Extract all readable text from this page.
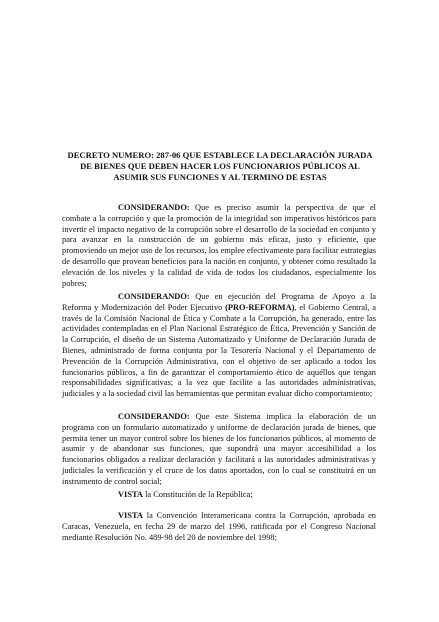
DECRETO NUMERO: 287-06 QUE ESTABLECE LA DECLARACIÓN JURADA
DE BIENES QUE DEBEN HACER LOS FUNCIONARIOS PÚBLICOS AL
ASUMIR SUS FUNCIONES Y AL TERMINO DE ESTAS
CONSIDERANDO: Que es preciso asumir la perspectiva de que el combate a la corrupción y que la promoción de la integridad son imperativos históricos para invertir el impacto negativo de la corrupción sobre el desarrollo de la sociedad en conjunto y para avanzar en la construcción de un gobierno más eficaz, justo y eficiente, que promoviendo un mejor uso de los recursos, los emplee efectivamente para facilitar estrategias de desarrollo que provean beneficios para la nación en conjunto, y obtener como resultado la elevación de los niveles y la calidad de vida de todos los ciudadanos, especialmente los pobres;
CONSIDERANDO: Que en ejecución del Programa de Apoyo a la Reforma y Modernización del Poder Ejecutivo (PRO-REFORMA), el Gobierno Central, a través de la Comisión Nacional de Ética y Combate a la Corrupción, ha generado, entre las actividades contempladas en el Plan Nacional Estratégico de Ética, Prevención y Sanción de la Corrupción, el diseño de un Sistema Automatizado y Uniforme de Declaración Jurada de Bienes, administrado de forma conjunta por la Tesorería Nacional y el Departamento de Prevención de la Corrupción Administrativa, con el objetivo de ser aplicado a todos los funcionarios públicos, a fin de garantizar el comportamiento ético de aquéllos que tengan responsabilidades significativas; a la vez que facilite a las autoridades administrativas, judiciales y a la sociedad civil las herramientas que permitan evaluar dicho comportamiento;
CONSIDERANDO: Que este Sistema implica la elaboración de un programa con un formulario automatizado y uniforme de declaración jurada de bienes, que permita tener un mayor control sobre los bienes de los funcionarios públicos, al momento de asumir y de abandonar sus funciones, que supondrá una mayor accesibilidad a los funcionarios obligados a realizar declaración y facilitará a las autoridades administrativas y judiciales la verificación y el cruce de los datos aportados, con lo cual se constituirá en un instrumento de control social;
VISTA la Constitución de la República;
VISTA la Convención Interamericana contra la Corrupción, aprobada en Caracas, Venezuela, en fecha 29 de marzo del 1996, ratificada por el Congreso Nacional mediante Resolución No. 489-98 del 20 de noviembre del 1998;
